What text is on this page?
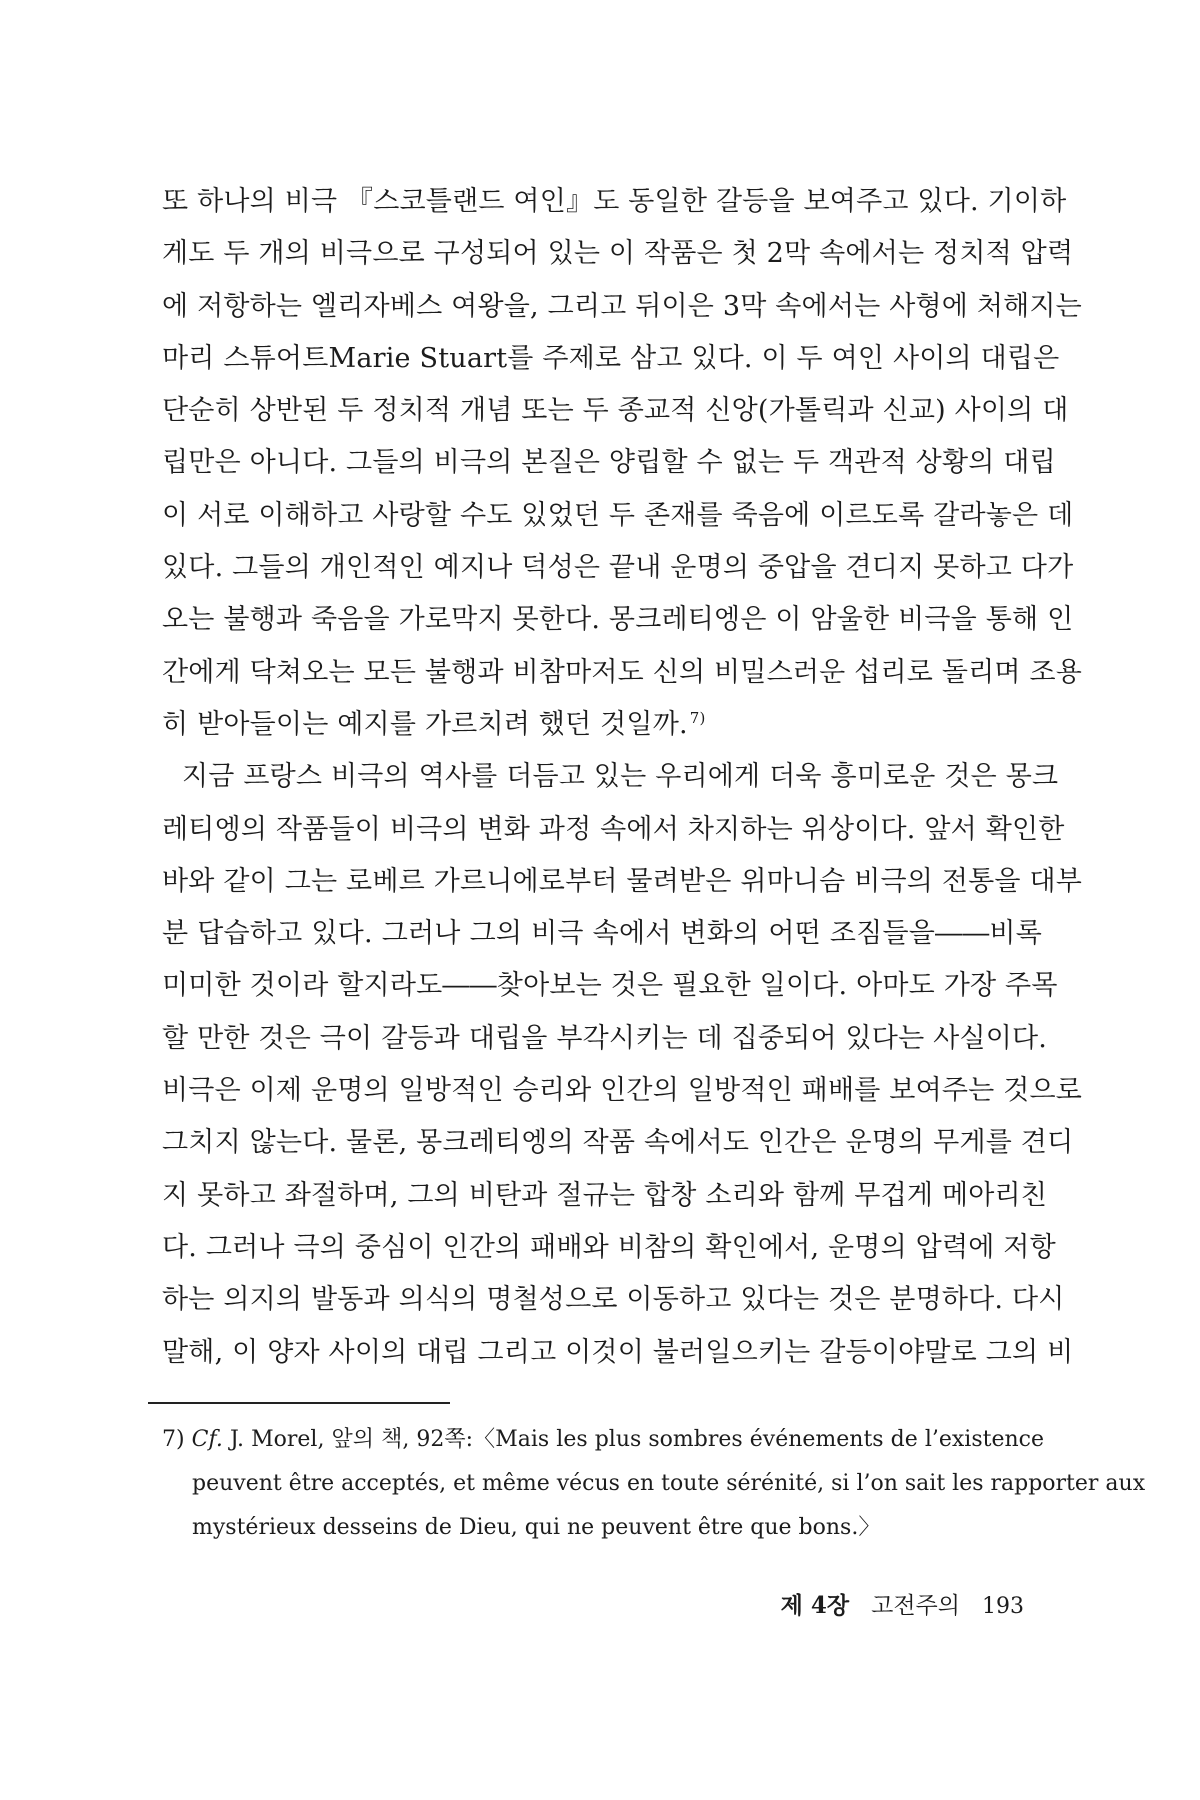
또 하나의 비극 『스코틀랜드 여인』도 동일한 갈등을 보여주고 있다. 기이하
게도 두 개의 비극으로 구성되어 있는 이 작품은 첫 2막 속에서는 정치적 압력
에 저항하는 엘리자베스 여왕을, 그리고 뒤이은 3막 속에서는 사형에 처해지는
마리 스튜어트Marie Stuart를 주제로 삼고 있다. 이 두 여인 사이의 대립은
단순히 상반된 두 정치적 개념 또는 두 종교적 신앙(가톨릭과 신교) 사이의 대
립만은 아니다. 그들의 비극의 본질은 양립할 수 없는 두 객관적 상황의 대립
이 서로 이해하고 사랑할 수도 있었던 두 존재를 죽음에 이르도록 갈라놓은 데
있다. 그들의 개인적인 예지나 덕성은 끝내 운명의 중압을 견디지 못하고 다가
오는 불행과 죽음을 가로막지 못한다. 몽크레티엥은 이 암울한 비극을 통해 인
간에게 닥쳐오는 모든 불행과 비참마저도 신의 비밀스러운 섭리로 돌리며 조용
히 받아들이는 예지를 가르치려 했던 것일까. $^{7)}$
지금 프랑스 비극의 역사를 더듬고 있는 우리에게 더욱 흥미로운 것은 몽크
레티엥의 작품들이 비극의 변화 과정 속에서 차지하는 위상이다. 앞서 확인한
바와 같이 그는 로베르 가르니에로부터 물려받은 위마니슴 비극의 전통을 대부
분 답습하고 있다. 그러나 그의 비극 속에서 변화의 어떤 조짐들을――비록
미미한 것이라 할지라도――찾아보는 것은 필요한 일이다. 아마도 가장 주목
할 만한 것은 극이 갈등과 대립을 부각시키는 데 집중되어 있다는 사실이다.
비극은 이제 운명의 일방적인 승리와 인간의 일방적인 패배를 보여주는 것으로
그치지 않는다. 물론, 몽크레티엥의 작품 속에서도 인간은 운명의 무게를 견디
지 못하고 좌절하며, 그의 비탄과 절규는 합창 소리와 함께 무겁게 메아리친
다. 그러나 극의 중심이 인간의 패배와 비참의 확인에서, 운명의 압력에 저항
하는 의지의 발동과 의식의 명철성으로 이동하고 있다는 것은 분명하다. 다시
말해, 이 양자 사이의 대립 그리고 이것이 불러일으키는 갈등이야말로 그의 비
7) Cf. J. Morel, 앞의 책, 92쪽:〈Mais les plus sombres événements de l’existence
peuvent être acceptés, et même vécus en toute sérénité, si l’on sait les rapporter aux
mystérieux desseins de Dieu, qui ne peuvent être que bons.〉
제 4장 고전주의 193
